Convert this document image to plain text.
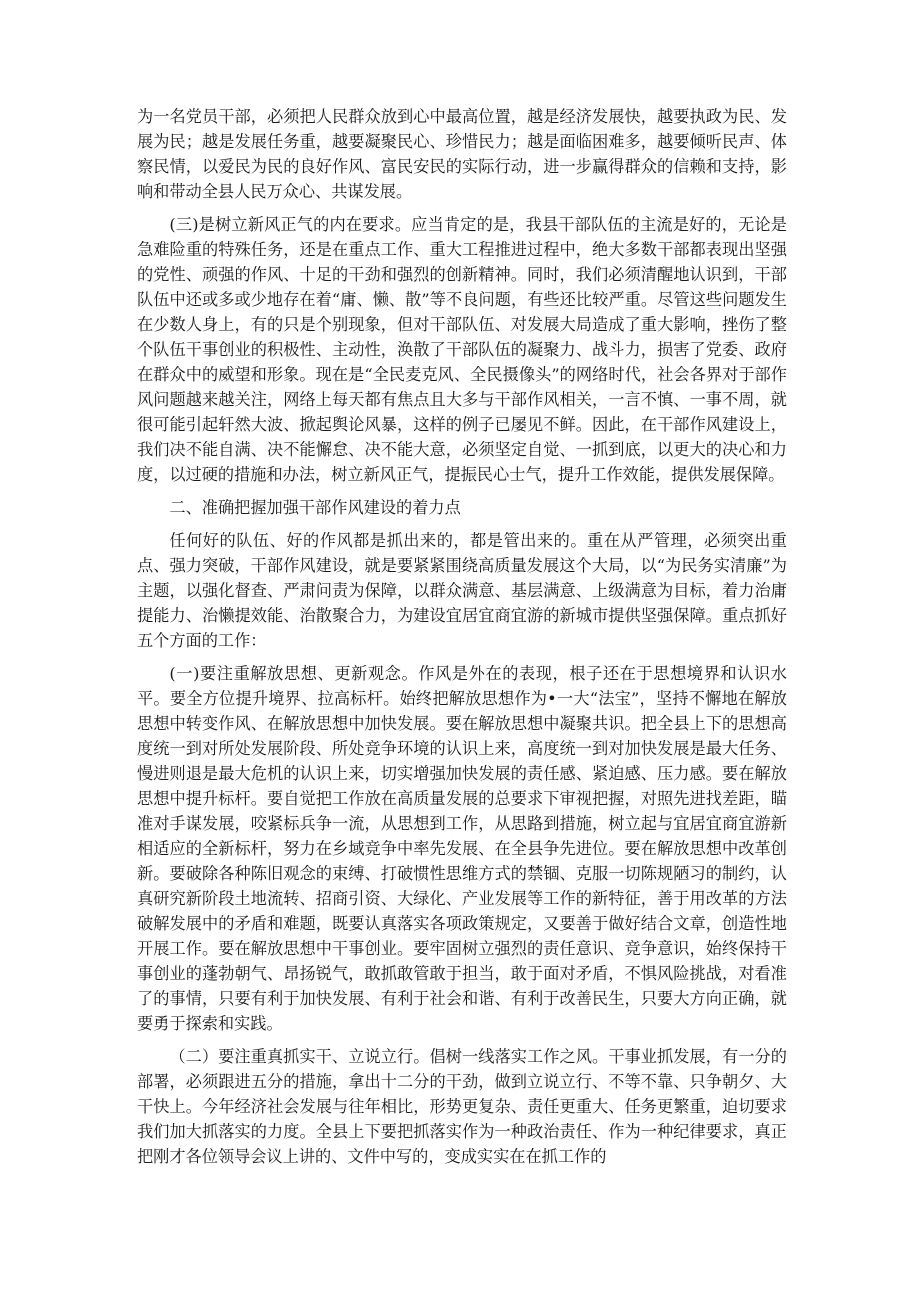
为一名党员干部，必须把人民群众放到心中最高位置，越是经济发展快，越要执政为民、发展为民；越是发展任务重，越要凝聚民心、珍惜民力；越是面临困难多，越要倾听民声、体察民情，以爱民为民的良好作风、富民安民的实际行动，进一步赢得群众的信赖和支持，影响和带动全县人民万众心、共谋发展。

(三)是树立新风正气的内在要求。应当肯定的是，我县干部队伍的主流是好的，无论是急难险重的特殊任务，还是在重点工作、重大工程推进过程中，绝大多数干部都表现出坚强的党性、顽强的作风、十足的干劲和强烈的创新精神。同时，我们必须清醒地认识到，干部队伍中还或多或少地存在着“庸、懒、散”等不良问题，有些还比较严重。尽管这些问题发生在少数人身上，有的只是个别现象，但对干部队伍、对发展大局造成了重大影响，挫伤了整个队伍干事创业的积极性、主动性，涣散了干部队伍的凝聚力、战斗力，损害了党委、政府在群众中的威望和形象。现在是“全民麦克风、全民摄像头”的网络时代，社会各界对于部作风问题越来越关注，网络上每天都有焦点且大多与干部作风相关，一言不慎、一事不周，就很可能引起轩然大波、掀起舆论风暴，这样的例子已屡见不鲜。因此，在干部作风建设上，我们决不能自满、决不能懈怠、决不能大意，必须坚定自觉、一抓到底，以更大的决心和力度，以过硬的措施和办法，树立新风正气，提振民心士气，提升工作效能，提供发展保障。

二、准确把握加强干部作风建设的着力点

任何好的队伍、好的作风都是抓出来的，都是管出来的。重在从严管理，必须突出重点、强力突破，干部作风建设，就是要紧紧围绕高质量发展这个大局，以“为民务实清廉”为主题，以强化督查、严肃问责为保障，以群众满意、基层满意、上级满意为目标，着力治庸提能力、治懒提效能、治散聚合力，为建设宜居宜商宜游的新城市提供坚强保障。重点抓好五个方面的工作：

(一)要注重解放思想、更新观念。作风是外在的表现，根子还在于思想境界和认识水平。要全方位提升境界、拉高标杆。始终把解放思想作为•一大“法宝”，坚持不懈地在解放思想中转变作风、在解放思想中加快发展。要在解放思想中凝聚共识。把全县上下的思想高度统一到对所处发展阶段、所处竞争环境的认识上来，高度统一到对加快发展是最大任务、慢进则退是最大危机的认识上来，切实增强加快发展的责任感、紧迫感、压力感。要在解放思想中提升标杆。要自觉把工作放在高质量发展的总要求下审视把握，对照先进找差距，瞄准对手谋发展，咬紧标兵争一流，从思想到工作，从思路到措施，树立起与宜居宜商宜游新相适应的全新标杆，努力在乡域竞争中率先发展、在全县争先进位。要在解放思想中改革创新。要破除各种陈旧观念的束缚、打破惯性思维方式的禁锢、克服一切陈规陋习的制约，认真研究新阶段土地流转、招商引资、大绿化、产业发展等工作的新特征，善于用改革的方法破解发展中的矛盾和难题，既要认真落实各项政策规定，又要善于做好结合文章，创造性地开展工作。要在解放思想中干事创业。要牢固树立强烈的责任意识、竞争意识，始终保持干事创业的蓬勃朝气、昂扬锐气，敢抓敢管敢于担当，敢于面对矛盾，不惧风险挑战，对看准了的事情，只要有利于加快发展、有利于社会和谐、有利于改善民生，只要大方向正确，就要勇于探索和实践。

（二）要注重真抓实干、立说立行。倡树一线落实工作之风。干事业抓发展，有一分的部署，必须跟进五分的措施，拿出十二分的干劲，做到立说立行、不等不靠、只争朝夕、大干快上。今年经济社会发展与往年相比，形势更复杂、责任更重大、任务更繁重，迫切要求我们加大抓落实的力度。全县上下要把抓落实作为一种政治责任、作为一种纪律要求，真正把刚才各位领导会议上讲的、文件中写的，变成实实在在抓工作的
